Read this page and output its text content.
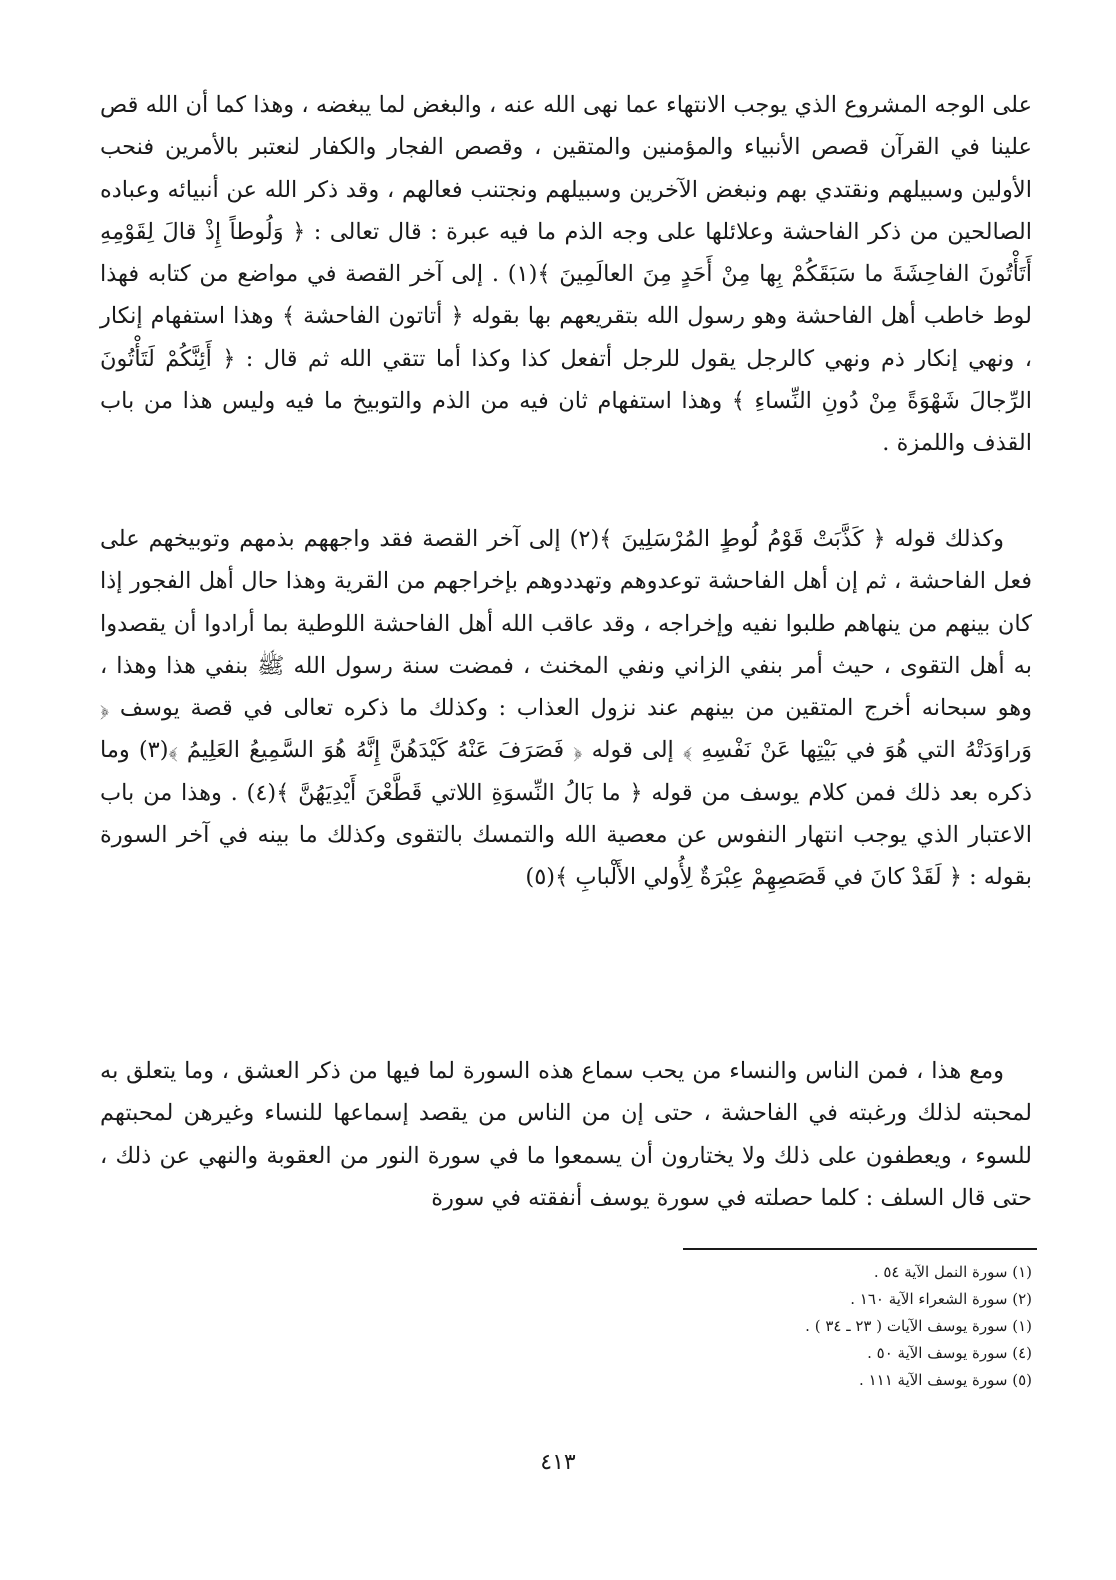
على الوجه المشروع الذي يوجب الانتهاء عما نهى الله عنه ، والبغض لما يبغضه ، وهذا كما أن الله قص علينا في القرآن قصص الأنبياء والمؤمنين والمتقين ، وقصص الفجار والكفار لنعتبر بالأمرين فنحب الأولين وسبيلهم ونقتدي بهم ونبغض الآخرين وسبيلهم ونجتنب فعالهم ، وقد ذكر الله عن أنبيائه وعباده الصالحين من ذكر الفاحشة وعلائلها على وجه الذم ما فيه عبرة : قال تعالى : ﴿ وَلُوطاً إِذْ قالَ لِقَوْمِهِ أَتَأْتُونَ الفاحِشَةَ ما سَبَقَكُمْ بِها مِنْ أَحَدٍ مِنَ العالَمِينَ ﴾(١) . إلى آخر القصة في مواضع من كتابه فهذا لوط خاطب أهل الفاحشة وهو رسول الله بتقريعهم بها بقوله ﴿ أتاتون الفاحشة ﴾ وهذا استفهام إنكار ، ونهي إنكار ذم ونهي كالرجل يقول للرجل أتفعل كذا وكذا أما تتقي الله ثم قال : ﴿ أَئِنَّكُمْ لَتَأْتُونَ الرِّجالَ شَهْوَةً مِنْ دُونِ النِّساءِ ﴾ وهذا استفهام ثان فيه من الذم والتوبيخ ما فيه وليس هذا من باب القذف واللمزة .

وكذلك قوله ﴿ كَذَّبَتْ قَوْمُ لُوطٍ المُرْسَلِينَ ﴾(٢) إلى آخر القصة فقد واجههم بذمهم وتوبيخهم على فعل الفاحشة ، ثم إن أهل الفاحشة توعدوهم وتهددوهم بإخراجهم من القرية وهذا حال أهل الفجور إذا كان بينهم من ينهاهم طلبوا نفيه وإخراجه ، وقد عاقب الله أهل الفاحشة اللوطية بما أرادوا أن يقصدوا به أهل التقوى ، حيث أمر بنفي الزاني ونفي المخنث ، فمضت سنة رسول الله ﷺ بنفي هذا وهذا ، وهو سبحانه أخرج المتقين من بينهم عند نزول العذاب : وكذلك ما ذكره تعالى في قصة يوسف ﴿ وَراوَدَتْهُ التي هُوَ في بَيْتِها عَنْ نَفْسِهِ ﴾ إلى قوله ﴿ فَصَرَفَ عَنْهُ كَيْدَهُنَّ إِنَّهُ هُوَ السَّمِيعُ العَلِيمُ ﴾(٣) وما ذكره بعد ذلك فمن كلام يوسف من قوله ﴿ ما بَالُ النِّسوَةِ اللاتي قَطَّعْنَ أَيْدِيَهُنَّ ﴾(٤) . وهذا من باب الاعتبار الذي يوجب انتهار النفوس عن معصية الله والتمسك بالتقوى وكذلك ما بينه في آخر السورة بقوله : ﴿ لَقَدْ كانَ في قَصَصِهِمْ عِبْرَةٌ لِأُولي الأَلْبابِ ﴾(٥)

ومع هذا ، فمن الناس والنساء من يحب سماع هذه السورة لما فيها من ذكر العشق ، وما يتعلق به لمحبته لذلك ورغبته في الفاحشة ، حتى إن من الناس من يقصد إسماعها للنساء وغيرهن لمحبتهم للسوء ، ويعطفون على ذلك ولا يختارون أن يسمعوا ما في سورة النور من العقوبة والنهي عن ذلك ، حتى قال السلف : كلما حصلته في سورة يوسف أنفقته في سورة

(١) سورة النمل الآية ٥٤ .
(٢) سورة الشعراء الآية ١٦٠ .
(١) سورة يوسف الآيات ( ٢٣ ـ ٣٤ ) .
(٤) سورة يوسف الآية ٥٠ .
(٥) سورة يوسف الآية ١١١ .
٤١٣
